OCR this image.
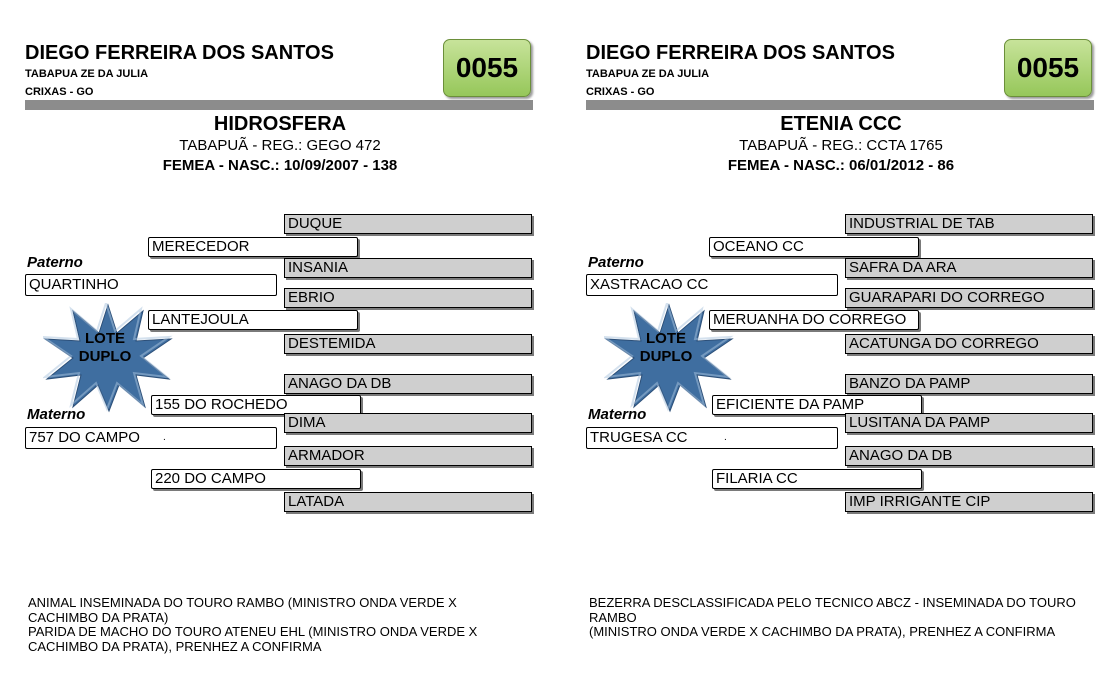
DIEGO FERREIRA DOS SANTOS
TABAPUA ZE DA JULIA
CRIXAS - GO
0055
HIDROSFERA
TABAPUÃ - REG.: GEGO 472
FEMEA - NASC.: 10/09/2007 - 138
DUQUE
MERECEDOR
Paterno	INSANIA
QUARTINHO
EBRIO
LANTEJOULA
DESTEMIDA
LOTE
DUPLO
ANAGO DA DB
155 DO ROCHEDO
Materno	DIMA
757 DO CAMPO	.
ARMADOR
220 DO CAMPO
LATADA
ANIMAL INSEMINADA DO TOURO RAMBO (MINISTRO ONDA VERDE X CACHIMBO DA PRATA)
PARIDA DE MACHO DO TOURO ATENEU EHL (MINISTRO ONDA VERDE X CACHIMBO DA PRATA), PRENHEZ A CONFIRMA
DIEGO FERREIRA DOS SANTOS
TABAPUA ZE DA JULIA
CRIXAS - GO
0055
ETENIA CCC
TABAPUÃ - REG.: CCTA 1765
FEMEA - NASC.: 06/01/2012 - 86
INDUSTRIAL DE TAB
OCEANO CC
Paterno	SAFRA DA ARA
XASTRACAO CC
GUARAPARI DO CORREGO
MERUANHA DO CORREGO
ACATUNGA DO CORREGO
LOTE
DUPLO
BANZO DA PAMP
EFICIENTE DA PAMP
Materno	LUSITANA DA PAMP
TRUGESA CC	.
ANAGO DA DB
FILARIA CC
IMP IRRIGANTE CIP
BEZERRA DESCLASSIFICADA PELO TECNICO ABCZ - INSEMINADA DO TOURO RAMBO
(MINISTRO ONDA VERDE X CACHIMBO DA PRATA), PRENHEZ A CONFIRMA
